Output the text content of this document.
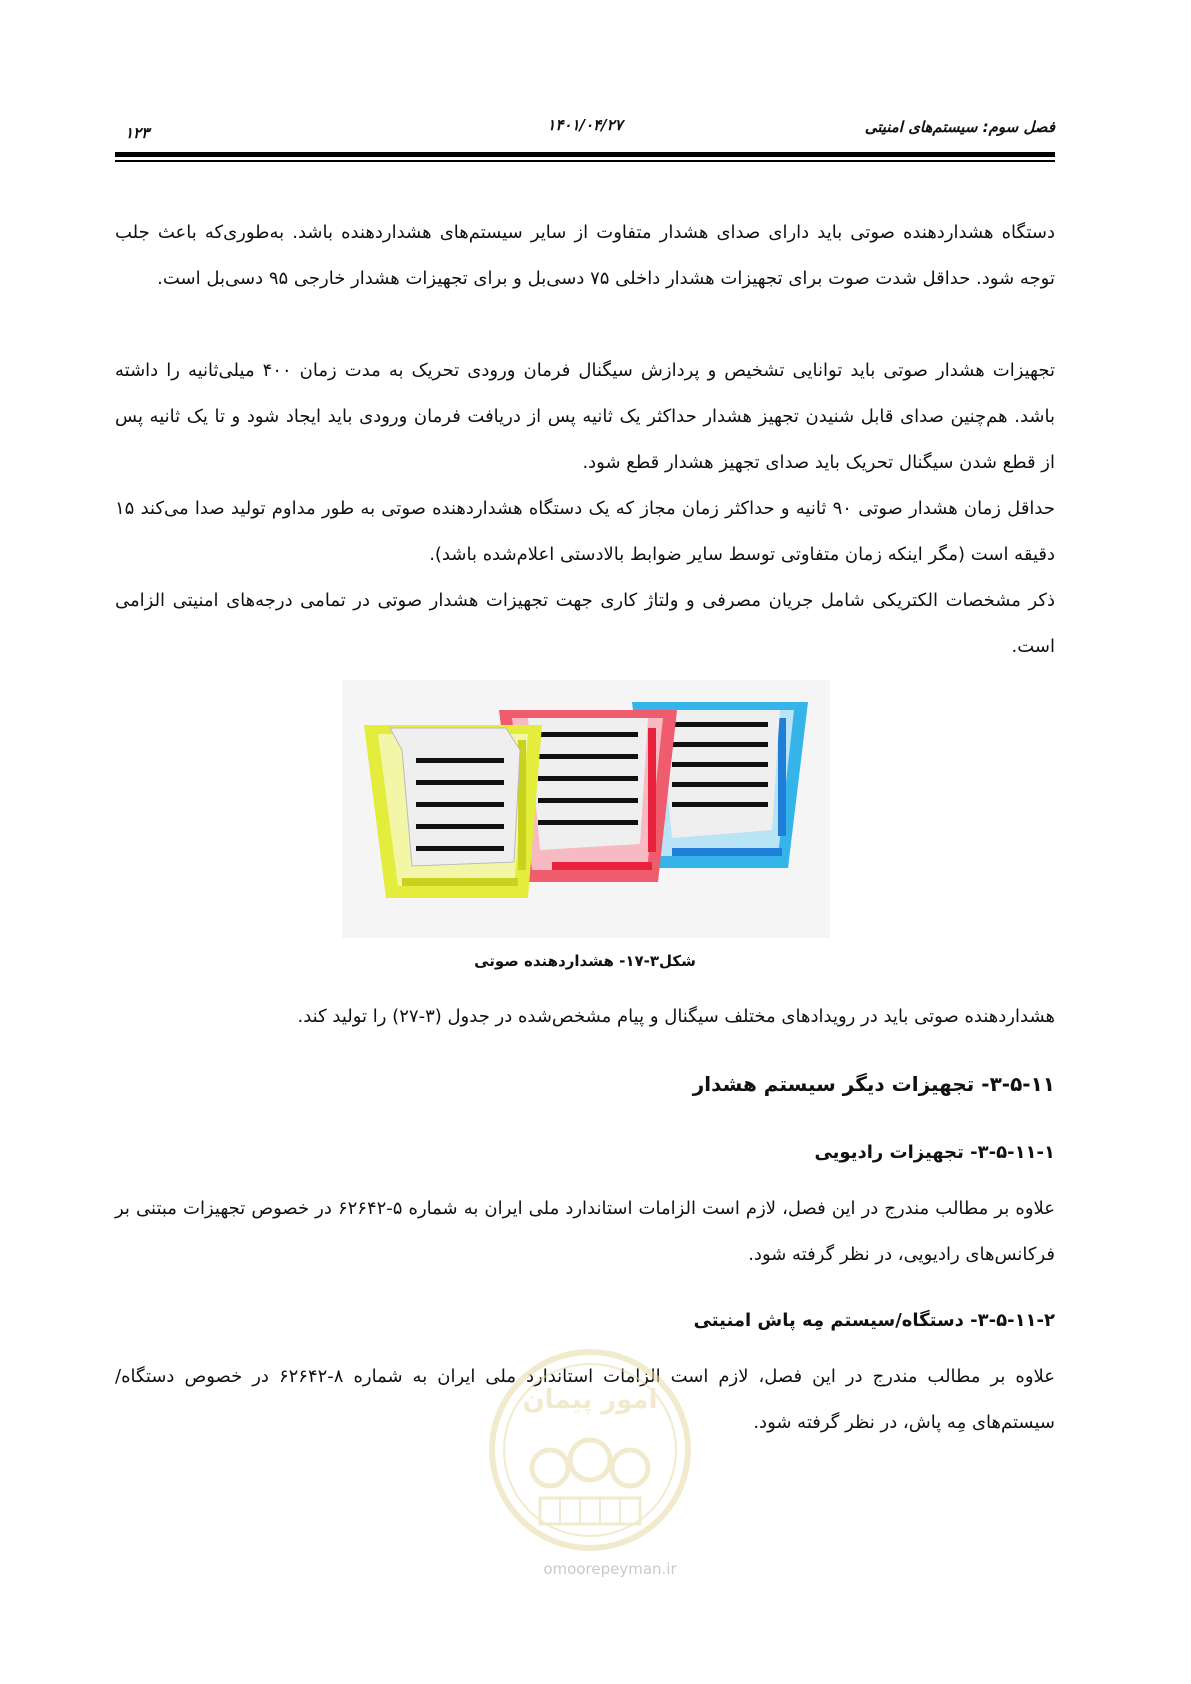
فصل سوم: سیستم‌های امنیتی
۱۴۰۱/۰۴/۲۷
۱۲۳

دستگاه هشداردهنده صوتی باید دارای صدای هشدار متفاوت از سایر سیستم‌های هشداردهنده باشد. به‌طوری‌که باعث جلب توجه شود. حداقل شدت صوت برای تجهیزات هشدار داخلی ۷۵ دسی‌بل و برای تجهیزات هشدار خارجی ۹۵ دسی‌بل است.

تجهیزات هشدار صوتی باید توانایی تشخیص و پردازش سیگنال فرمان ورودی تحریک به مدت زمان ۴۰۰ میلی‌ثانیه را داشته باشد. هم‌چنین صدای قابل شنیدن تجهیز هشدار حداکثر یک ثانیه پس از دریافت فرمان ورودی باید ایجاد شود و تا یک ثانیه پس از قطع شدن سیگنال تحریک باید صدای تجهیز هشدار قطع شود.

حداقل زمان هشدار صوتی ۹۰ ثانیه و حداکثر زمان مجاز که یک دستگاه هشداردهنده صوتی به طور مداوم تولید صدا می‌کند ۱۵ دقیقه است (مگر اینکه زمان متفاوتی توسط سایر ضوابط بالادستی اعلام‌شده باشد).

ذکر مشخصات الکتریکی شامل جریان مصرفی و ولتاژ کاری جهت تجهیزات هشدار صوتی در تمامی درجه‌های امنیتی الزامی است.

شکل۳-۱۷- هشداردهنده صوتی

هشداردهنده صوتی باید در رویدادهای مختلف سیگنال و پیام مشخص‌شده در جدول (۳-۲۷) را تولید کند.

۳-۵-۱۱- تجهیزات دیگر سیستم هشدار
۳-۵-۱۱-۱- تجهیزات رادیویی

علاوه بر مطالب مندرج در این فصل، لازم است الزامات استاندارد ملی ایران به شماره ۵-۶۲۶۴۲ در خصوص تجهیزات مبتنی بر فرکانس‌های رادیویی، در نظر گرفته شود.

۳-۵-۱۱-۲- دستگاه/سیستم مِه پاش امنیتی

علاوه بر مطالب مندرج در این فصل، لازم است الزامات استاندارد ملی ایران به شماره ۸-۶۲۶۴۲ در خصوص دستگاه/سیستم‌های مِه پاش، در نظر گرفته شود.

امور پیمان
omoorepeyman.ir
